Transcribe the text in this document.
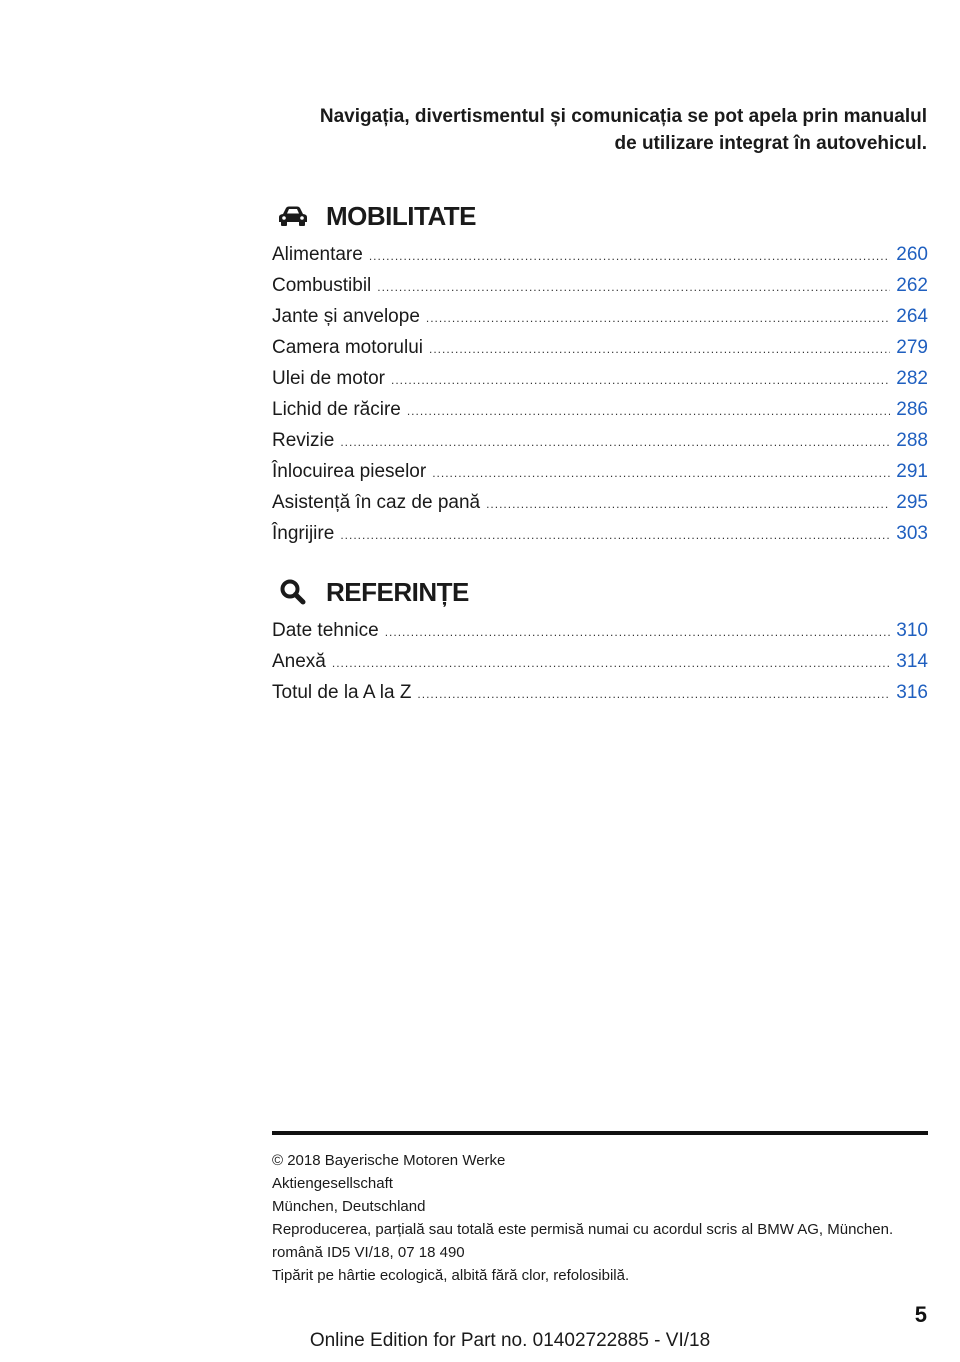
Navigația, divertismentul și comunicația se pot apela prin manualul
de utilizare integrat în autovehicul.
MOBILITATE
Alimentare .....	260
Combustibil .....	262
Jante și anvelope .....	264
Camera motorului .....	279
Ulei de motor .....	282
Lichid de răcire .....	286
Revizie .....	288
Înlocuirea pieselor .....	291
Asistență în caz de pană .....	295
Îngrijire .....	303
REFERINȚE
Date tehnice .....	310
Anexă .....	314
Totul de la A la Z .....	316
© 2018 Bayerische Motoren Werke
Aktiengesellschaft
München, Deutschland
Reproducerea, parțială sau totală este permisă numai cu acordul scris al BMW AG, München.
română ID5 VI/18, 07 18 490
Tipărit pe hârtie ecologică, albită fără clor, refolosibilă.
5
Online Edition for Part no. 01402722885 - VI/18
